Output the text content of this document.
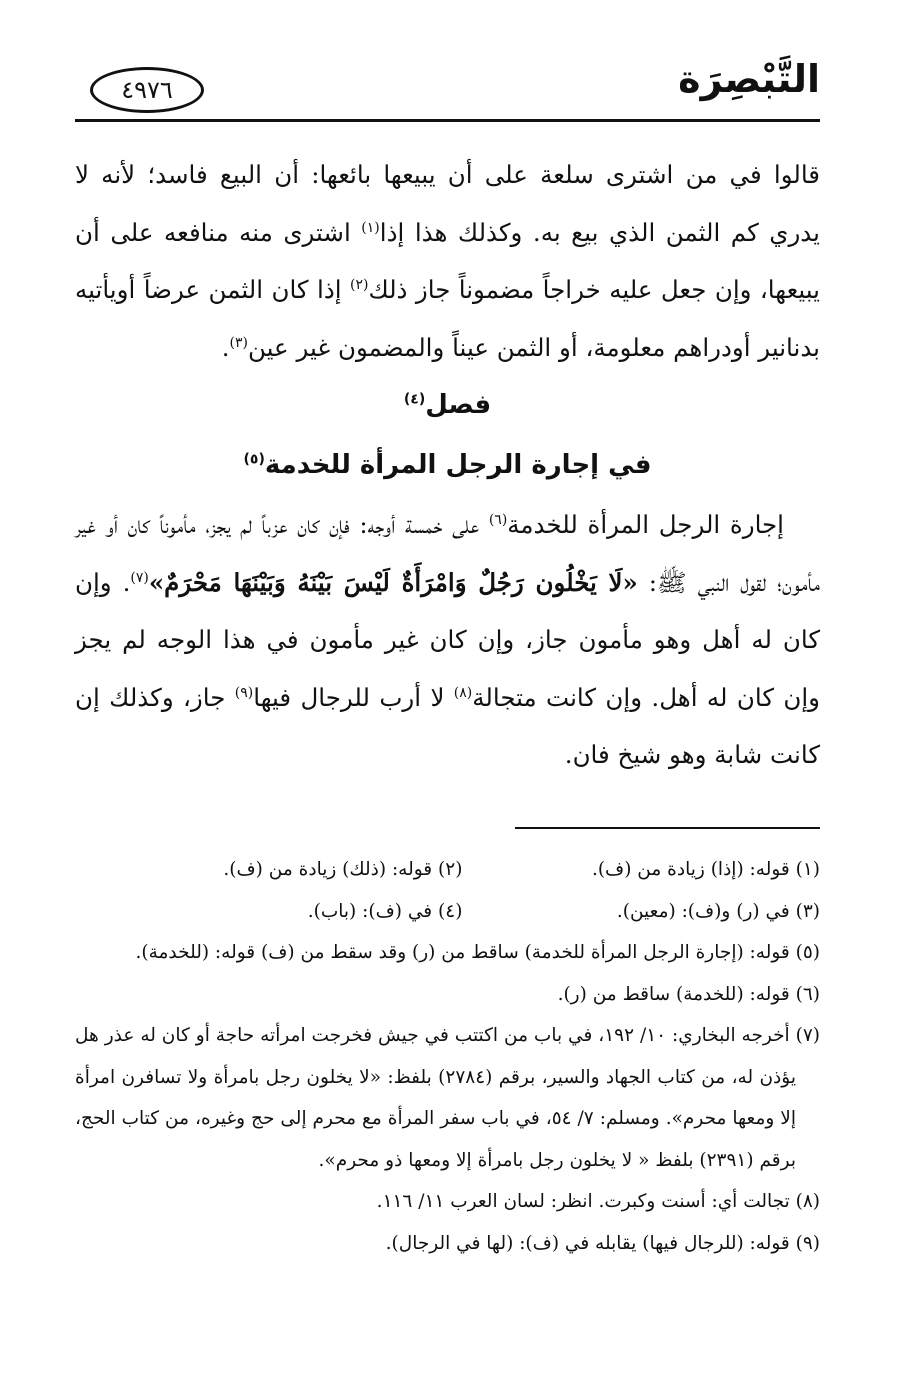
التَّبْصِرَة
٤٩٧٦

قالوا في من اشترى سلعة على أن يبيعها بائعها: أن البيع فاسد؛ لأنه لا يدري كم الثمن الذي بيع به. وكذلك هذا إذا$^{(١)}$ اشترى منه منافعه على أن يبيعها، وإن جعل عليه خراجاً مضموناً جاز ذلك$^{(٢)}$ إذا كان الثمن عرضاً أويأتيه بدنانير أودراهم معلومة، أو الثمن عيناً والمضمون غير عين$^{(٣)}$.

فصل$^{(٤)}$

في إجارة الرجل المرأة للخدمة$^{(٥)}$

إجارة الرجل المرأة للخدمة$^{(٦)}$ على خمسة أوجه: فإن كان عزباً لم يجز، مأموناً كان أو غير مأمون؛ لقول النبي ﷺ: «لَا يَخْلُون رَجُلٌ وَامْرَأَةٌ لَيْسَ بَيْنَهُ وَبَيْنَهَا مَحْرَمٌ»$^{(٧)}$. وإن كان له أهل وهو مأمون جاز، وإن كان غير مأمون في هذا الوجه لم يجز وإن كان له أهل. وإن كانت متجالة$^{(٨)}$ لا أرب للرجال فيها$^{(٩)}$ جاز، وكذلك إن كانت شابة وهو شيخ فان.

(١) قوله: (إذا) زيادة من (ف).
(٢) قوله: (ذلك) زيادة من (ف).
(٣) في (ر) و(ف): (معين).
(٤) في (ف): (باب).

(٥) قوله: (إجارة الرجل المرأة للخدمة) ساقط من (ر) وقد سقط من (ف) قوله: (للخدمة).

(٦) قوله: (للخدمة) ساقط من (ر).

(٧) أخرجه البخاري: ١٠/ ١٩٢، في باب من اكتتب في جيش فخرجت امرأته حاجة أو كان له عذر هل يؤذن له، من كتاب الجهاد والسير، برقم (٢٧٨٤) بلفظ: «لا يخلون رجل بامرأة ولا تسافرن امرأة إلا ومعها محرم». ومسلم: ٧/ ٥٤، في باب سفر المرأة مع محرم إلى حج وغيره، من كتاب الحج، برقم (٢٣٩١) بلفظ « لا يخلون رجل بامرأة إلا ومعها ذو محرم».

(٨) تجالت أي: أسنت وكبرت. انظر: لسان العرب ١١/ ١١٦.

(٩) قوله: (للرجال فيها) يقابله في (ف): (لها في الرجال).
